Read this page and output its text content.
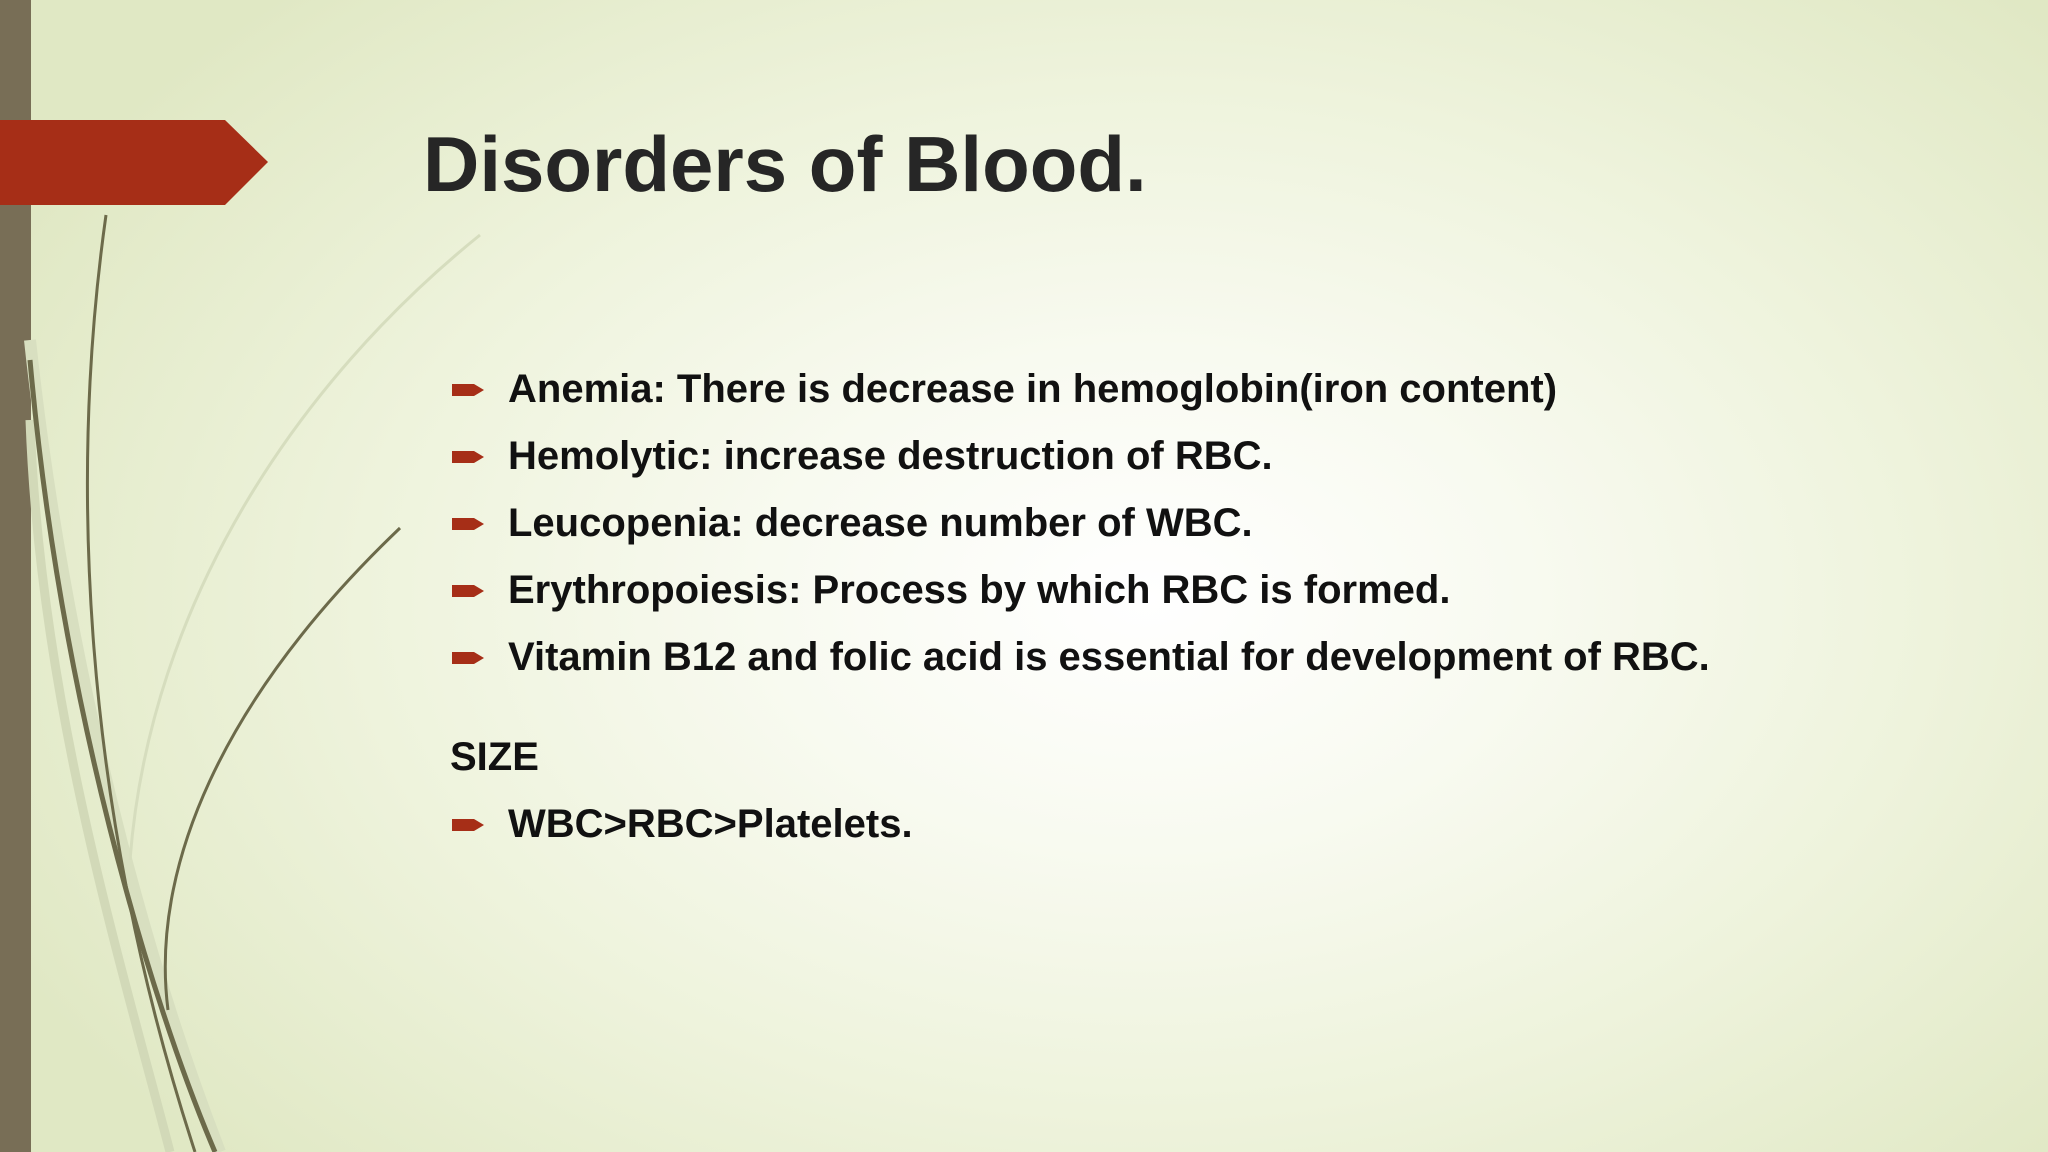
Disorders of Blood.
Anemia: There is decrease in hemoglobin(iron content)
Hemolytic: increase destruction of RBC.
Leucopenia: decrease number of WBC.
Erythropoiesis: Process by which RBC is formed.
Vitamin B12 and folic acid is essential for development of RBC.
SIZE
WBC>RBC>Platelets.
